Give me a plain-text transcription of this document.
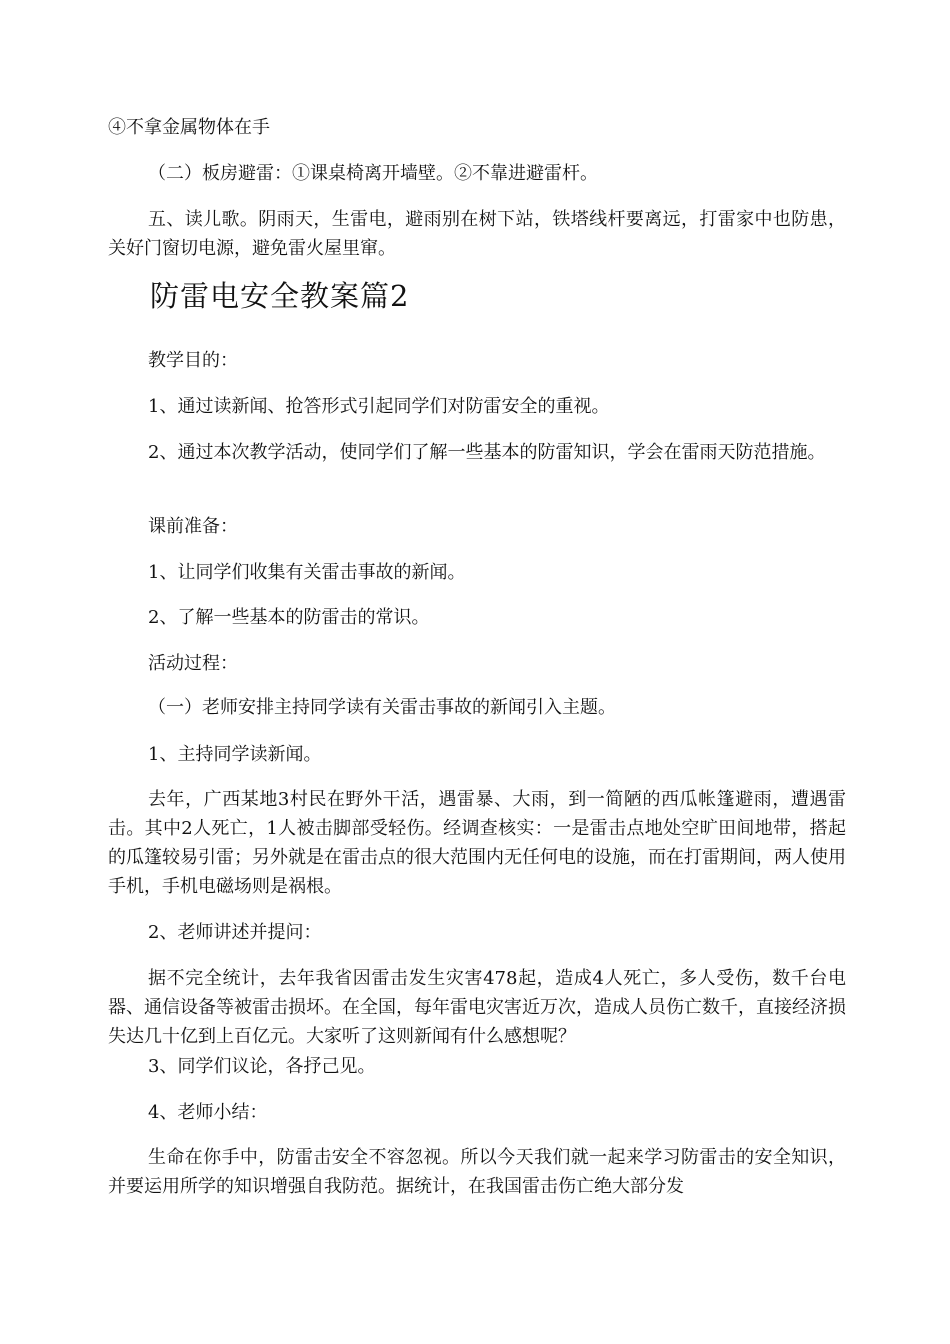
④不拿金属物体在手

（二）板房避雷：①课桌椅离开墙壁。②不靠进避雷杆。

五、读儿歌。阴雨天，生雷电，避雨别在树下站，铁塔线杆要离远，打雷家中也防患，关好门窗切电源，避免雷火屋里窜。

防雷电安全教案篇2

教学目的：

1、通过读新闻、抢答形式引起同学们对防雷安全的重视。

2、通过本次教学活动，使同学们了解一些基本的防雷知识，学会在雷雨天防范措施。

课前准备：

1、让同学们收集有关雷击事故的新闻。

2、了解一些基本的防雷击的常识。

活动过程：

（一）老师安排主持同学读有关雷击事故的新闻引入主题。

1、主持同学读新闻。

去年，广西某地3村民在野外干活，遇雷暴、大雨，到一简陋的西瓜帐篷避雨，遭遇雷击。其中2人死亡，1人被击脚部受轻伤。经调查核实：一是雷击点地处空旷田间地带，搭起的瓜篷较易引雷；另外就是在雷击点的很大范围内无任何电的设施，而在打雷期间，两人使用手机，手机电磁场则是祸根。

2、老师讲述并提问：

据不完全统计，去年我省因雷击发生灾害478起，造成4人死亡，多人受伤，数千台电器、通信设备等被雷击损坏。在全国，每年雷电灾害近万次，造成人员伤亡数千，直接经济损失达几十亿到上百亿元。大家听了这则新闻有什么感想呢？

3、同学们议论，各抒己见。

4、老师小结：

生命在你手中，防雷击安全不容忽视。所以今天我们就一起来学习防雷击的安全知识，并要运用所学的知识增强自我防范。据统计，在我国雷击伤亡绝大部分发
